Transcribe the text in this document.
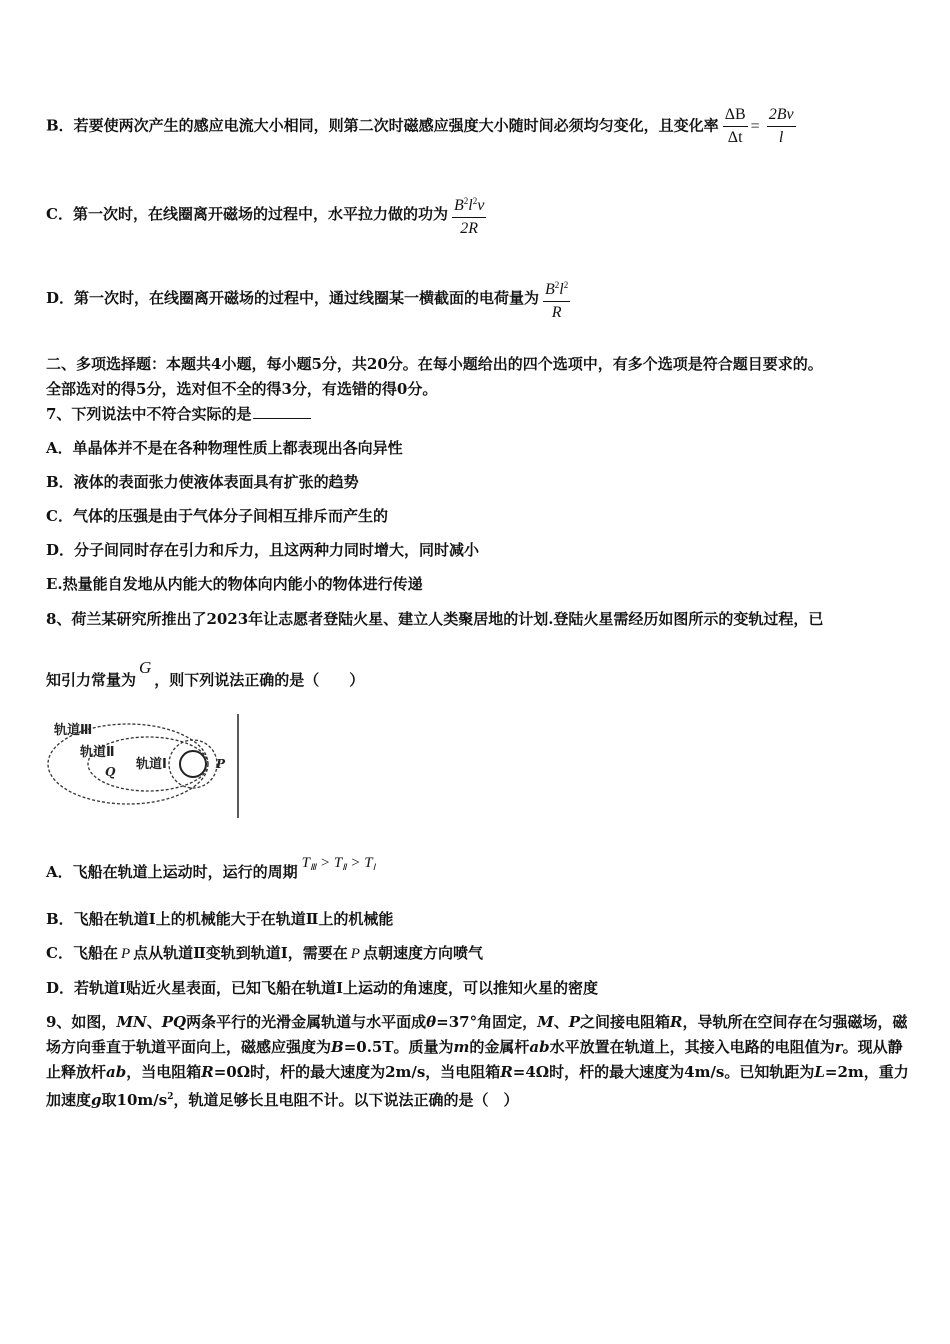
B．若要使两次产生的感应电流大小相同，则第二次时磁感应强度大小随时间必须均匀变化，且变化率 $\frac{\Delta B}{\Delta t} = \frac{2Bv}{l}$
C．第一次时，在线圈离开磁场的过程中，水平拉力做的功为 $\frac{B^2l^2v}{2R}$
D．第一次时，在线圈离开磁场的过程中，通过线圈某一横截面的电荷量为 $\frac{B^2l^2}{R}$
二、多项选择题：本题共4小题，每小题5分，共20分。在每小题给出的四个选项中，有多个选项是符合题目要求的。
全部选对的得5分，选对但不全的得3分，有选错的得0分。
7、下列说法中不符合实际的是
A．单晶体并不是在各种物理性质上都表现出各向异性
B．液体的表面张力使液体表面具有扩张的趋势
C．气体的压强是由于气体分子间相互排斥而产生的
D．分子间同时存在引力和斥力，且这两种力同时增大，同时减小
E.热量能自发地从内能大的物体向内能小的物体进行传递
8、荷兰某研究所推出了2023年让志愿者登陆火星、建立人类聚居地的计划.登陆火星需经历如图所示的变轨过程，已
知引力常量为G，则下列说法正确的是（　　）
轨道Ⅲ
轨道Ⅱ
轨道Ⅰ
Q
P
A．飞船在轨道上运动时，运行的周期 $T_Ⅲ > T_Ⅱ > T_Ⅰ$
B．飞船在轨道Ⅰ上的机械能大于在轨道Ⅱ上的机械能
C．飞船在 P 点从轨道Ⅱ变轨到轨道Ⅰ，需要在 P 点朝速度方向喷气
D．若轨道Ⅰ贴近火星表面，已知飞船在轨道Ⅰ上运动的角速度，可以推知火星的密度
9、如图，MN、PQ两条平行的光滑金属轨道与水平面成θ=37°角固定，M、P之间接电阻箱R，导轨所在空间存在匀强磁场，磁场方向垂直于轨道平面向上，磁感应强度为B=0.5T。质量为m的金属杆ab水平放置在轨道上，其接入电路的电阻值为r。现从静止释放杆ab，当电阻箱R=0Ω时，杆的最大速度为2m/s，当电阻箱R=4Ω时，杆的最大速度为4m/s。已知轨距为L=2m，重力加速度g取$10m/s^2$，轨道足够长且电阻不计。以下说法正确的是（　）
